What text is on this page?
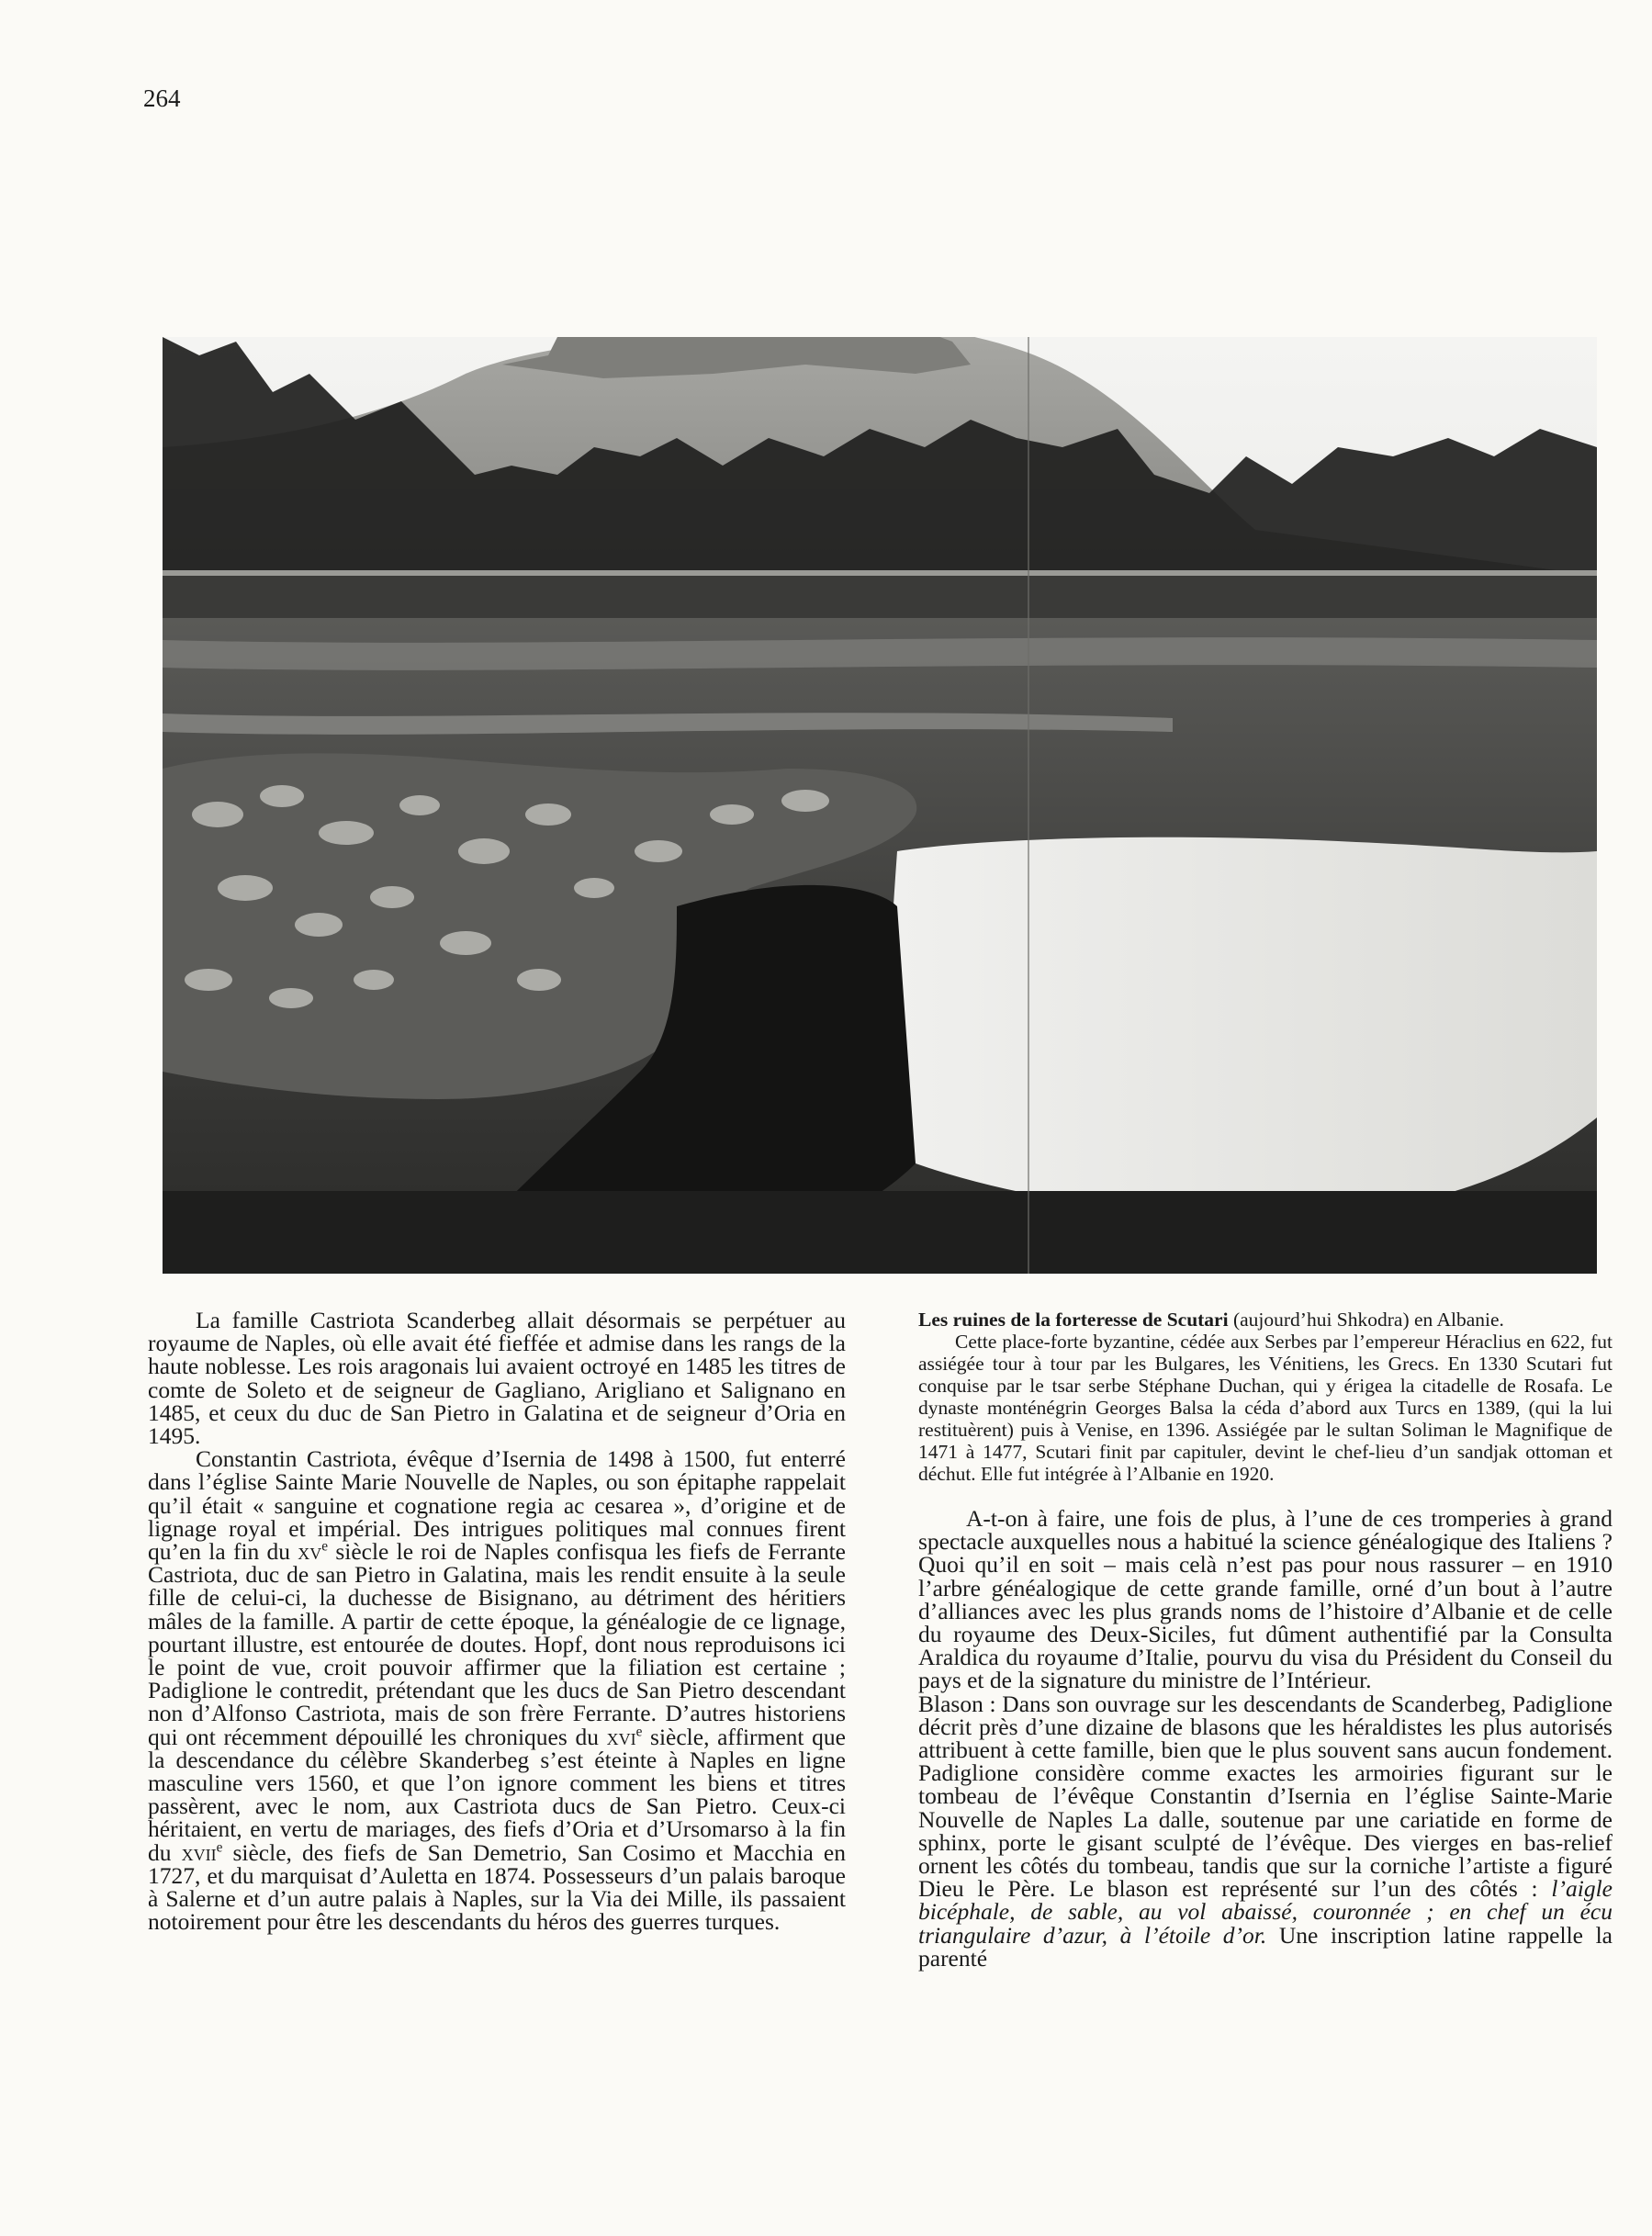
264

La famille Castriota Scanderbeg allait désormais se perpétuer au royaume de Naples, où elle avait été fieffée et admise dans les rangs de la haute noblesse. Les rois aragonais lui avaient octroyé en 1485 les titres de comte de Soleto et de seigneur de Gagliano, Arigliano et Salignano en 1485, et ceux du duc de San Pietro in Galatina et de seigneur d’Oria en 1495.

Constantin Castriota, évêque d’Isernia de 1498 à 1500, fut enterré dans l’église Sainte Marie Nouvelle de Naples, ou son épitaphe rappelait qu’il était « sanguine et cognatione regia ac cesarea », d’origine et de lignage royal et impérial. Des intrigues politiques mal connues firent qu’en la fin du $xv^e$ siècle le roi de Naples confisqua les fiefs de Ferrante Castriota, duc de san Pietro in Galatina, mais les rendit ensuite à la seule fille de celui-ci, la duchesse de Bisignano, au détriment des héritiers mâles de la famille. A partir de cette époque, la généalogie de ce lignage, pourtant illustre, est entourée de doutes. Hopf, dont nous reproduisons ici le point de vue, croit pouvoir affirmer que la filiation est certaine ; Padiglione le contredit, prétendant que les ducs de San Pietro descendant non d’Alfonso Castriota, mais de son frère Ferrante. D’autres historiens qui ont récemment dépouillé les chroniques du xvi$^e$ siècle, affirment que la descendance du célèbre Skanderbeg s’est éteinte à Naples en ligne masculine vers 1560, et que l’on ignore comment les biens et titres passèrent, avec le nom, aux Castriota ducs de San Pietro. Ceux-ci héritaient, en vertu de mariages, des fiefs d’Oria et d’Ursomarso à la fin du xvii$^e$ siècle, des fiefs de San Demetrio, San Cosimo et Macchia en 1727, et du marquisat d’Auletta en 1874. Possesseurs d’un palais baroque à Salerne et d’un autre palais à Naples, sur la Via dei Mille, ils passaient notoirement pour être les descendants du héros des guerres turques.

Les ruines de la forteresse de Scutari (aujourd’hui Shkodra) en Albanie.
Cette place-forte byzantine, cédée aux Serbes par l’empereur Héraclius en 622, fut assiégée tour à tour par les Bulgares, les Vénitiens, les Grecs. En 1330 Scutari fut conquise par le tsar serbe Stéphane Duchan, qui y érigea la citadelle de Rosafa. Le dynaste monténégrin Georges Balsa la céda d’abord aux Turcs en 1389, (qui la lui restituèrent) puis à Venise, en 1396. Assiégée par le sultan Soliman le Magnifique de 1471 à 1477, Scutari finit par capituler, devint le chef-lieu d’un sandjak ottoman et déchut. Elle fut intégrée à l’Albanie en 1920.

A-t-on à faire, une fois de plus, à l’une de ces tromperies à grand spectacle auxquelles nous a habitué la science généalogique des Italiens ? Quoi qu’il en soit – mais celà n’est pas pour nous rassurer – en 1910 l’arbre généalogique de cette grande famille, orné d’un bout à l’autre d’alliances avec les plus grands noms de l’histoire d’Albanie et de celle du royaume des Deux-Siciles, fut dûment authentifié par la Consulta Araldica du royaume d’Italie, pourvu du visa du Président du Conseil du pays et de la signature du ministre de l’Intérieur.

Blason : Dans son ouvrage sur les descendants de Scanderbeg, Padiglione décrit près d’une dizaine de blasons que les héraldistes les plus autorisés attribuent à cette famille, bien que le plus souvent sans aucun fondement. Padiglione considère comme exactes les armoiries figurant sur le tombeau de l’évêque Constantin d’Isernia en l’église Sainte-Marie Nouvelle de Naples La dalle, soutenue par une cariatide en forme de sphinx, porte le gisant sculpté de l’évêque. Des vierges en bas-relief ornent les côtés du tombeau, tandis que sur la corniche l’artiste a figuré Dieu le Père. Le blason est représenté sur l’un des côtés : l’aigle bicéphale, de sable, au vol abaissé, couronnée ; en chef un écu triangulaire d’azur, à l’étoile d’or. Une inscription latine rappelle la parenté
